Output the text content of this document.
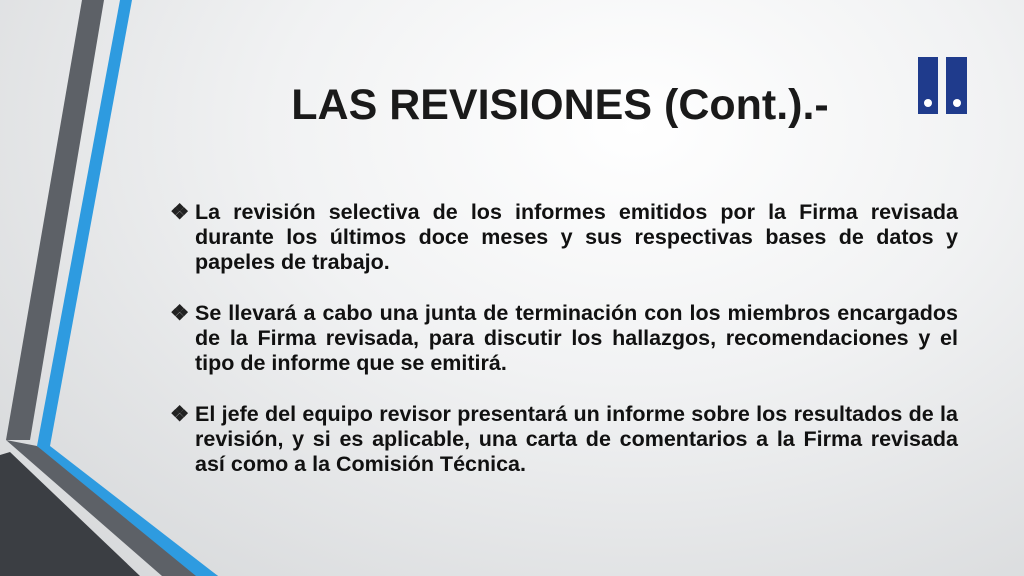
LAS REVISIONES (Cont.).-
❖ La revisión selectiva de los informes emitidos por la Firma revisada durante los últimos doce meses y sus respectivas bases de datos y papeles de trabajo.
❖ Se llevará a cabo una junta de terminación con los miembros encargados de la Firma revisada, para discutir los hallazgos, recomendaciones y el tipo de informe que se emitirá.
❖ El jefe del equipo revisor presentará un informe sobre los resultados de la revisión, y si es aplicable, una carta de comentarios a la Firma revisada así como a la Comisión Técnica.
